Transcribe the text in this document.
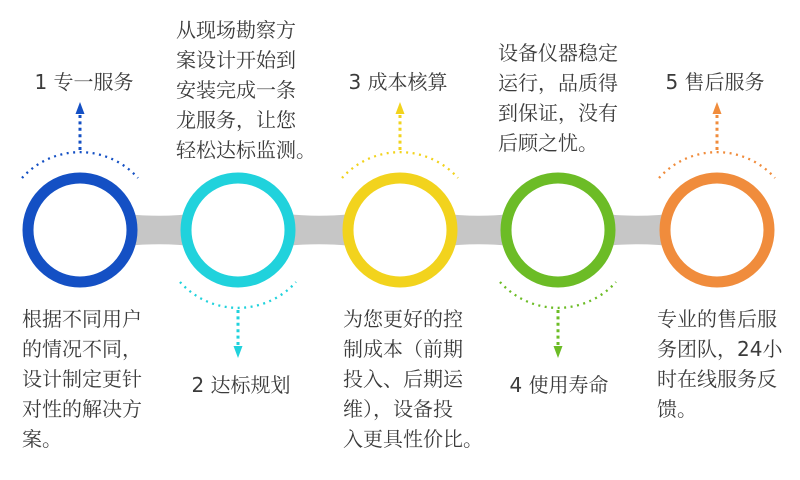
1 专一服务
2 达标规划
3 成本核算
4 使用寿命
5 售后服务
根据不同用户
的情况不同，
设计制定更针
对性的解决方
案。
从现场勘察方
案设计开始到
安装完成一条
龙服务，让您
轻松达标监测。
为您更好的控
制成本（前期
投入、后期运
维），设备投
入更具性价比。
设备仪器稳定
运行，品质得
到保证，没有
后顾之忧。
专业的售后服
务团队，24小
时在线服务反
馈。
